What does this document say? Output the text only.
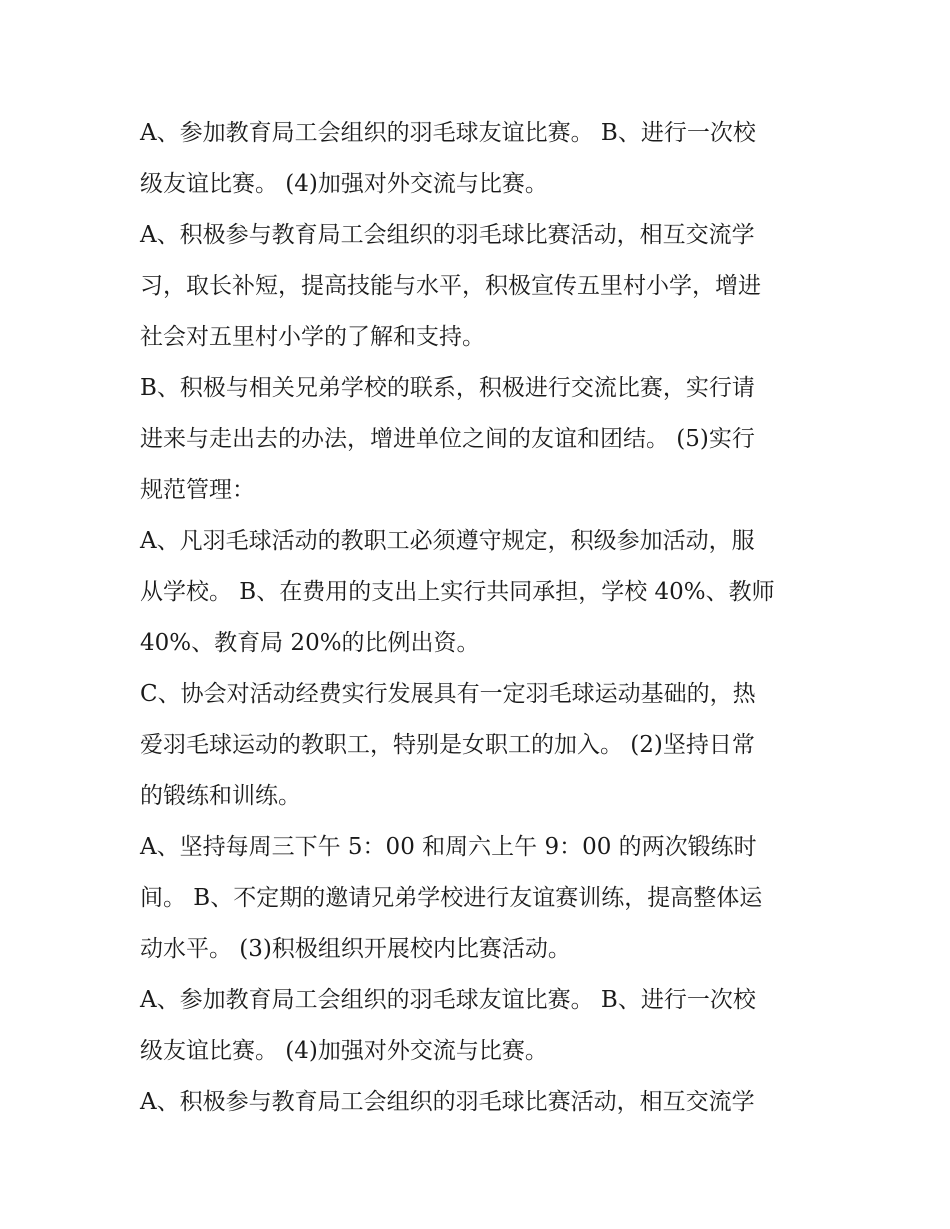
A、参加教育局工会组织的羽毛球友谊比赛。 B、进行一次校
级友谊比赛。 (4)加强对外交流与比赛。

A、积极参与教育局工会组织的羽毛球比赛活动，相互交流学
习，取长补短，提高技能与水平，积极宣传五里村小学，增进
社会对五里村小学的了解和支持。

B、积极与相关兄弟学校的联系，积极进行交流比赛，实行请
进来与走出去的办法，增进单位之间的友谊和团结。 (5)实行
规范管理：

A、凡羽毛球活动的教职工必须遵守规定，积级参加活动，服
从学校。 B、在费用的支出上实行共同承担，学校 40%、教师
40%、教育局 20%的比例出资。

C、协会对活动经费实行发展具有一定羽毛球运动基础的，热
爱羽毛球运动的教职工，特别是女职工的加入。 (2)坚持日常
的锻练和训练。

A、坚持每周三下午 5：00 和周六上午 9：00 的两次锻练时
间。 B、不定期的邀请兄弟学校进行友谊赛训练，提高整体运
动水平。 (3)积极组织开展校内比赛活动。

A、参加教育局工会组织的羽毛球友谊比赛。 B、进行一次校
级友谊比赛。 (4)加强对外交流与比赛。

A、积极参与教育局工会组织的羽毛球比赛活动，相互交流学
